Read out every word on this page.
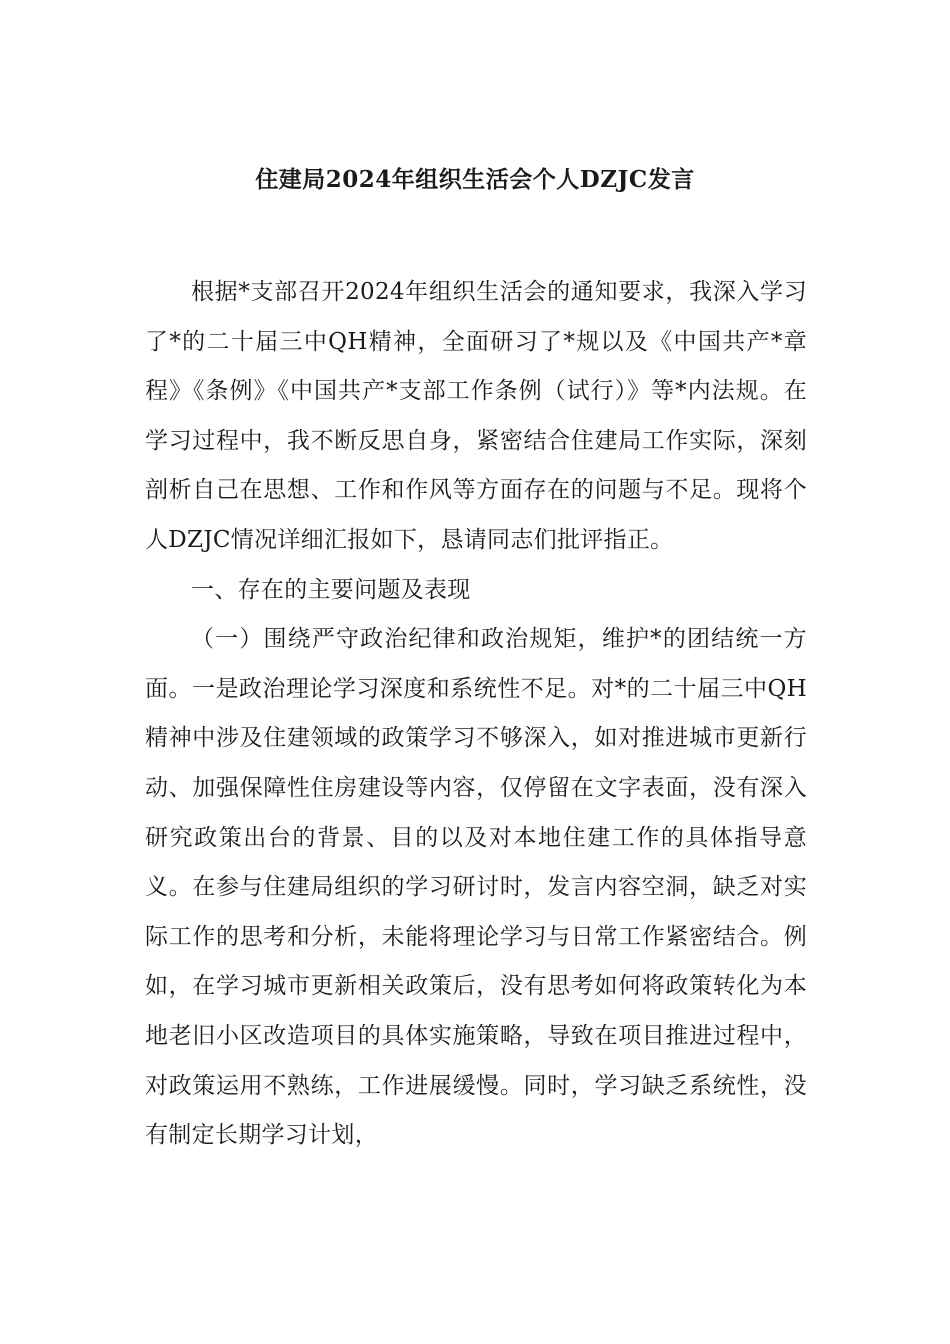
住建局2024年组织生活会个人DZJC发言

根据*支部召开2024年组织生活会的通知要求，我深入学习了*的二十届三中QH精神，全面研习了*规以及《中国共产*章程》《条例》《中国共产*支部工作条例（试行）》等*内法规。在学习过程中，我不断反思自身，紧密结合住建局工作实际，深刻剖析自己在思想、工作和作风等方面存在的问题与不足。现将个人DZJC情况详细汇报如下，恳请同志们批评指正。

一、存在的主要问题及表现

（一）围绕严守政治纪律和政治规矩，维护*的团结统一方面。一是政治理论学习深度和系统性不足。对*的二十届三中QH精神中涉及住建领域的政策学习不够深入，如对推进城市更新行动、加强保障性住房建设等内容，仅停留在文字表面，没有深入研究政策出台的背景、目的以及对本地住建工作的具体指导意义。在参与住建局组织的学习研讨时，发言内容空洞，缺乏对实际工作的思考和分析，未能将理论学习与日常工作紧密结合。例如，在学习城市更新相关政策后，没有思考如何将政策转化为本地老旧小区改造项目的具体实施策略，导致在项目推进过程中，对政策运用不熟练，工作进展缓慢。同时，学习缺乏系统性，没有制定长期学习计划，
